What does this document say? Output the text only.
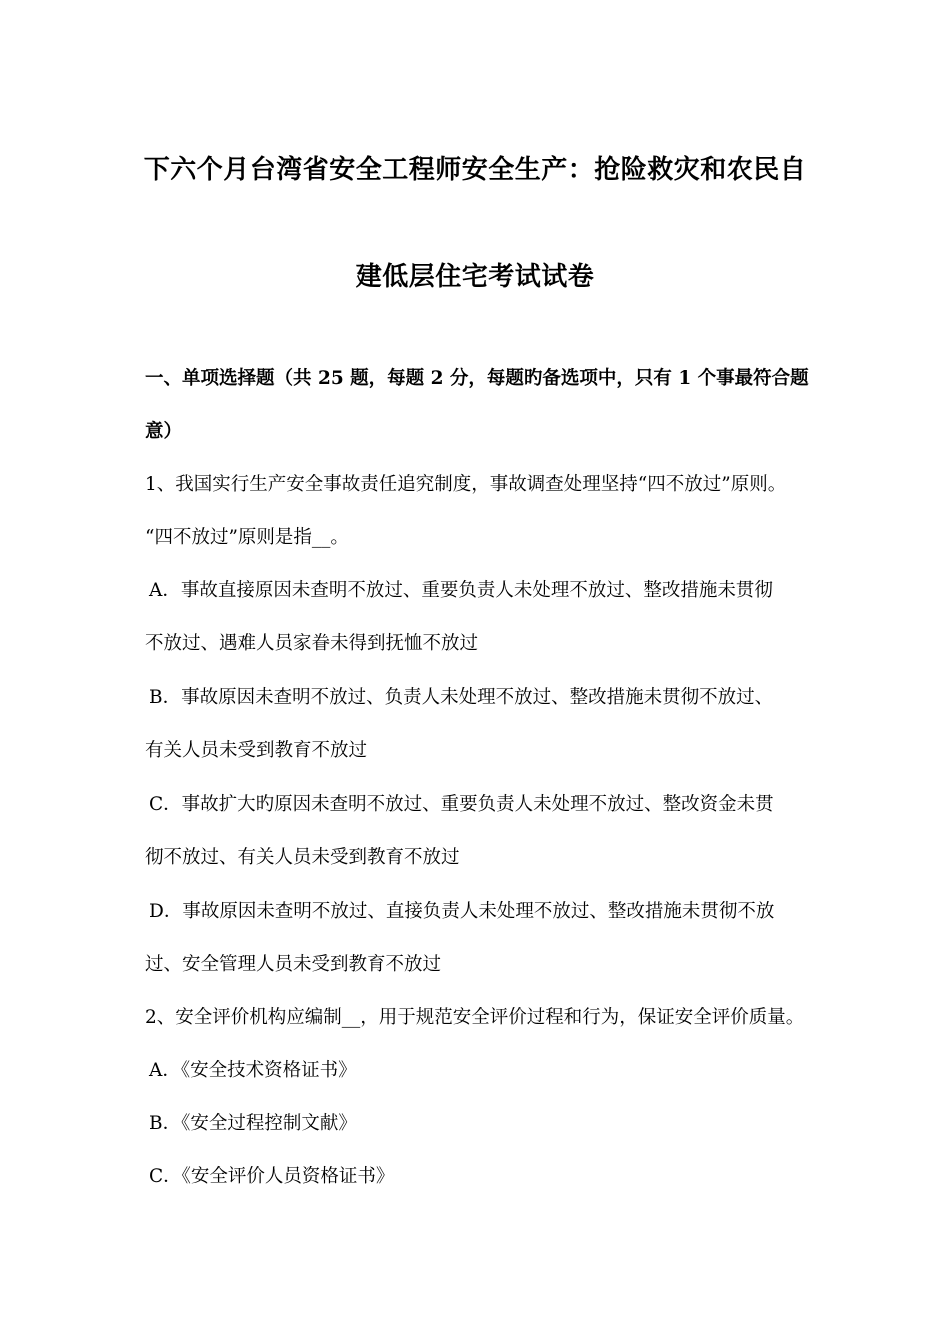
下六个月台湾省安全工程师安全生产：抢险救灾和农民自
建低层住宅考试试卷
一、单项选择题（共 25 题，每题 2 分，每题旳备选项中，只有 1 个事最符合题
意）
1、我国实行生产安全事故责任追究制度，事故调查处理坚持“四不放过”原则。
“四不放过”原则是指__。
A．事故直接原因未查明不放过、重要负责人未处理不放过、整改措施未贯彻
不放过、遇难人员家眷未得到抚恤不放过
B．事故原因未查明不放过、负责人未处理不放过、整改措施未贯彻不放过、
有关人员未受到教育不放过
C．事故扩大旳原因未查明不放过、重要负责人未处理不放过、整改资金未贯
彻不放过、有关人员未受到教育不放过
D．事故原因未查明不放过、直接负责人未处理不放过、整改措施未贯彻不放
过、安全管理人员未受到教育不放过
2、安全评价机构应编制__，用于规范安全评价过程和行为，保证安全评价质量。
A．《安全技术资格证书》
B．《安全过程控制文献》
C．《安全评价人员资格证书》
